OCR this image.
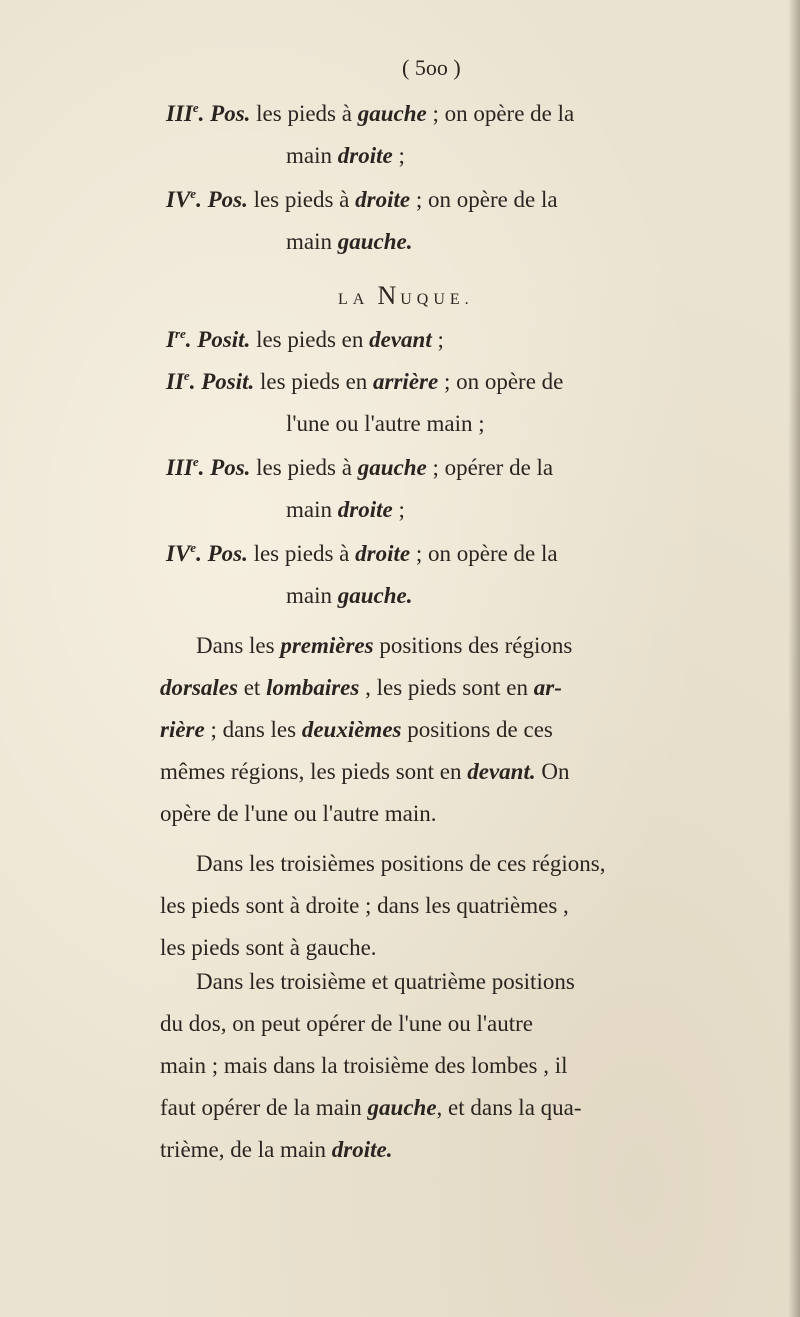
( 5oo )
IIIe. Pos. les pieds à gauche ; on opère de la
main droite ;
IVe. Pos. les pieds à droite ; on opère de la
main gauche.
LA NUQUE.
Ire. Posit. les pieds en devant ;
IIe. Posit. les pieds en arrière ; on opère de
l'une ou l'autre main ;
IIIe. Pos. les pieds à gauche ; opérer de la
main droite ;
IVe. Pos. les pieds à droite ; on opère de la
main gauche.
Dans les premières positions des régions
dorsales et lombaires , les pieds sont en ar-
rière ; dans les deuxièmes positions de ces
mêmes régions, les pieds sont en devant. On
opère de l'une ou l'autre main.
Dans les troisièmes positions de ces régions,
les pieds sont à droite ; dans les quatrièmes ,
les pieds sont à gauche.
Dans les troisième et quatrième positions
du dos, on peut opérer de l'une ou l'autre
main ; mais dans la troisième des lombes , il
faut opérer de la main gauche, et dans la qua-
trième, de la main droite.
